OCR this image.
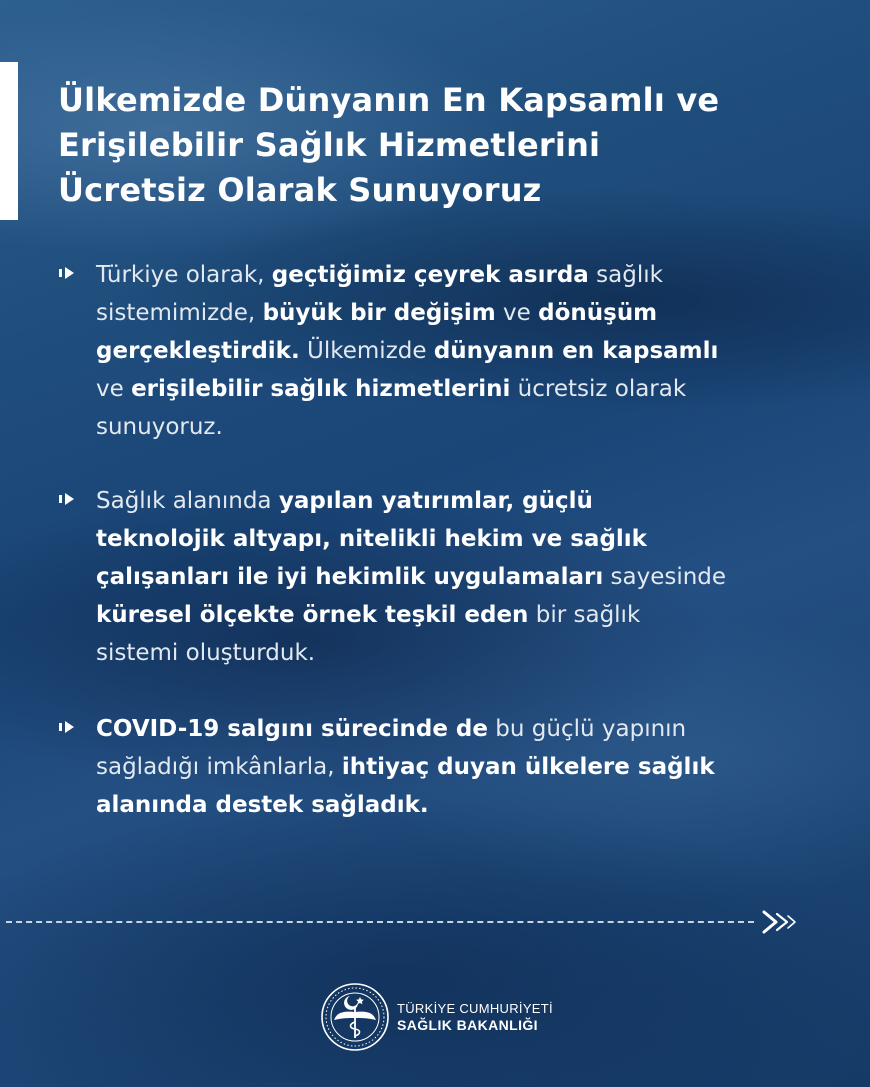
Ülkemizde Dünyanın En Kapsamlı ve
Erişilebilir Sağlık Hizmetlerini
Ücretsiz Olarak Sunuyoruz
Türkiye olarak, geçtiğimiz çeyrek asırda sağlık
sistemimizde, büyük bir değişim ve dönüşüm
gerçekleştirdik. Ülkemizde dünyanın en kapsamlı
ve erişilebilir sağlık hizmetlerini ücretsiz olarak
sunuyoruz.
Sağlık alanında yapılan yatırımlar, güçlü
teknolojik altyapı, nitelikli hekim ve sağlık
çalışanları ile iyi hekimlik uygulamaları sayesinde
küresel ölçekte örnek teşkil eden bir sağlık
sistemi oluşturduk.
COVID-19 salgını sürecinde de bu güçlü yapının
sağladığı imkânlarla, ihtiyaç duyan ülkelere sağlık
alanında destek sağladık.
TÜRKİYE CUMHURİYETİ
SAĞLIK BAKANLIĞI
